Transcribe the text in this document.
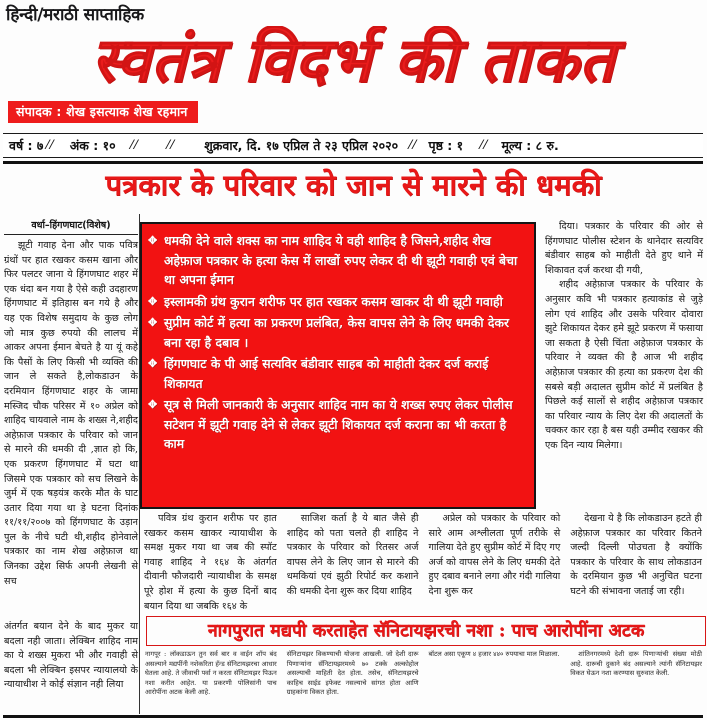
हिन्दी/मराठी साप्ताहिक
स्वतंत्र विदर्भ की ताकत
संपादक : शेख इसत्याक शेख रहमान
वर्ष : ७ //	अंक : १० //	//	शुक्रवार, दि. १७ एप्रिल ते २३ एप्रिल २०२० // पृष्ठ : १	//	मूल्य : ८ रु.
पत्रकार के परिवार को जान से मारने की धमकी
वर्धा–हिंगणघाट(विशेष)
झूटी गवाह देना और पाक पवित्र ग्रंथों पर हात रखकर कसम खाना और फिर पलटर जाना ये हिंगणघाट शहर में एक धंदा बन गया है ऐसे कही उदहारण हिंगणघाट में इतिहास बन गये है और यह एक विशेष समुदाय के कुछ लोग जो मात्र कुछ रुपयो की लालच में आकर अपना ईमान बेचते है या यूं कहे कि पैसों के लिए किसी भी व्यक्ति की जान ले सकते है,लोकडाउन के दरमियान हिंगणघाट शहर के जामा मस्जिद चौक परिसर में १० अप्रेल को शाहिद चायवाले नाम के शख्स ने,शहीद अहेफ़ाज पत्रकार के परिवार को जान से मारने की धमकी दी ,ज्ञात हो कि, एक प्रकरण हिंगणघाट में घटा था जिसमे एक पत्रकार को सच लिखने के जुर्म में एक षड़यंत्र करके मौत के घाट उतार दिया गया था ड़े घटना दिनांक ११/११/२००७ को हिंगणघाट के उड़ान पुल के नीचे घटी थी,शहीद होनेवाले पत्रकार का नाम शेख अहेफ़ाज था जिनका उद्देश सिर्फ अपनी लेखनी से सच
✥ धमकी देने वाले शक्स का नाम शाहिद ये वही शाहिद है जिसने,शहीद शेख अहेफ़ाज पत्रकार के हत्या केस में लाखों रुपए लेकर दी थी झूटी गवाही एवं बेचा था अपना ईमान
✥ इस्लामकी ग्रंथ कुरान शरीफ पर हात रखकर कसम खाकर दी थी झूटी गवाही
✥ सुप्रीम कोर्ट में हत्या का प्रकरण प्रलंबित, केस वापस लेने के लिए धमकी देकर बना रहा है दबाव ।
✥ हिंगणघाट के पी आई सत्यविर बंडीवार साहब को माहीती देकर दर्ज कराई शिकायत
✥ सूत्र से मिली जानकारी के अनुसार शाहिद नाम का ये शख्स रुपए लेकर पोलीस सटेशन में झूटी गवाह देने से लेकर झूटी शिकायत दर्ज कराना का भी करता है काम
दिया। पत्रकार के परिवार की ओर से हिंगणघाट पोलीस स्टेशन के थानेदार सत्यविर बंडीवार साहब को माहीती देते हुए थाने में शिकावत दर्ज करथा दी गयी,
शहीद अहेफ़ाज पत्रकार के परिवार के अनुसार कवि भी पत्रकार हत्याकांड से जुड़े लोग एवं शाहिद और उसके परिवार दोवारा झुटे शिकायत देकर हमे झूटे प्रकरण में फसाया जा सकता है ऐसी चिंता अहेफ़ाज पत्रकार के परिवार ने व्यक्त की है आज भी शहीद अहेफ़ाज पत्रकार की हत्या का प्रकरण देश की सबसे बड़ी अदालत सुप्रीम कोर्ट में प्रलंबित है पिछले कई सालों से शहीद अहेफ़ाज पत्रकार का परिवार न्याय के लिए देश की अदालतों के चक्कर कार रहा है बस यही उम्मीद रखकर की एक दिन न्याय मिलेगा।
पवित्र ग्रंथ कुरान शरीफ पर हात रखकर कसम खाकर न्यायाधीश के समक्ष मुकर गया था जब की स्पॉट गवाह शाहिद ने १६४ के अंतर्गत दीवानी फौजदारी न्यायाधीश के समक्ष पूरे होश में हत्या के कुछ दिनों बाद बयान दिया था जबकि १६४ के
साजिश कर्ता है ये बात जैसे ही शाहिद को पता चलते ही शाहिद ने पत्रकार के परिवार को रितसर अर्ज वापस लेने के लिए जान से मारने की धमकियां एवं झुठी रिपोर्ट कर कशाने की धमकी देना शुरू कर दिया शाहिद
अप्रेल को पत्रकार के परिवार को सारे आम अश्लीलता पूर्ण तरीके से गालिया देते हुए सुप्रीम कोर्ट में दिए गए अर्ज को वापस लेने के लिए धमकी देते हुए दबाव बनाने लगा और गंदी गालिया देना शुरू कर
देखना ये है कि लोकडाउन हटते ही अहेफ़ाज पत्रकार का परिवार कितने जल्दी दिल्ली पोउचता है क्योंकि पत्रकार के परिवार के साथ लोकडाउन के दरमियान कुछ भी अनुचित घटना घटने की संभावना जताई जा रही।
अंतर्गत बयान देने के बाद मुकर या बदला नही जाता। लेक्बिन शाहिद नाम का ये शख्स मुकरा भी और गवाही से बदला भी लेक्बिन इसपर न्यायालयो के न्यायाधीश ने कोई संज्ञान नही लिया
नागपुरात मद्यपी करताहेत सॅनिटायझरची नशा : पाच आरोपींना अटक
नागपूर : लॉकडाऊन तुन सर्व बार व वाईन शॉप बंद असल्याने मद्यपींनी नशेकरिता हॅन्ड सॅनिटायझरचा आधार घेतला आहे. ते जीवाची पर्वा न करता सॅनिटायझर पिऊन नशा करीत आहेत. या प्रकरणी पोलिसांनी पाच आरोपींना अटक केली आहे.
सॅनिटायझर विकण्याची योजना आखली. जो देशी दारू पिणाऱ्यांना सॅनिटायझरमध्ये ७० टक्के अल्कोहोल असल्याची माहिती देत होता. तसेच, सॅनिटायझरचे काहिच साईड इफेक्ट नसल्याचे सांगत होता आणि ग्राहकांना विकत होता.
बॉटल असा एकूण ४ हजार ४४० रुपयाचा माल मिळाला.	शांतिनगरमध्ये देशी दारू पिणाऱ्यांची संख्या मोठी आहे. दारूची दुकाने बंद असल्याने त्यांनी सॅनिटायझर विकत घेऊन नशा करण्यास सुरुवात केली.
